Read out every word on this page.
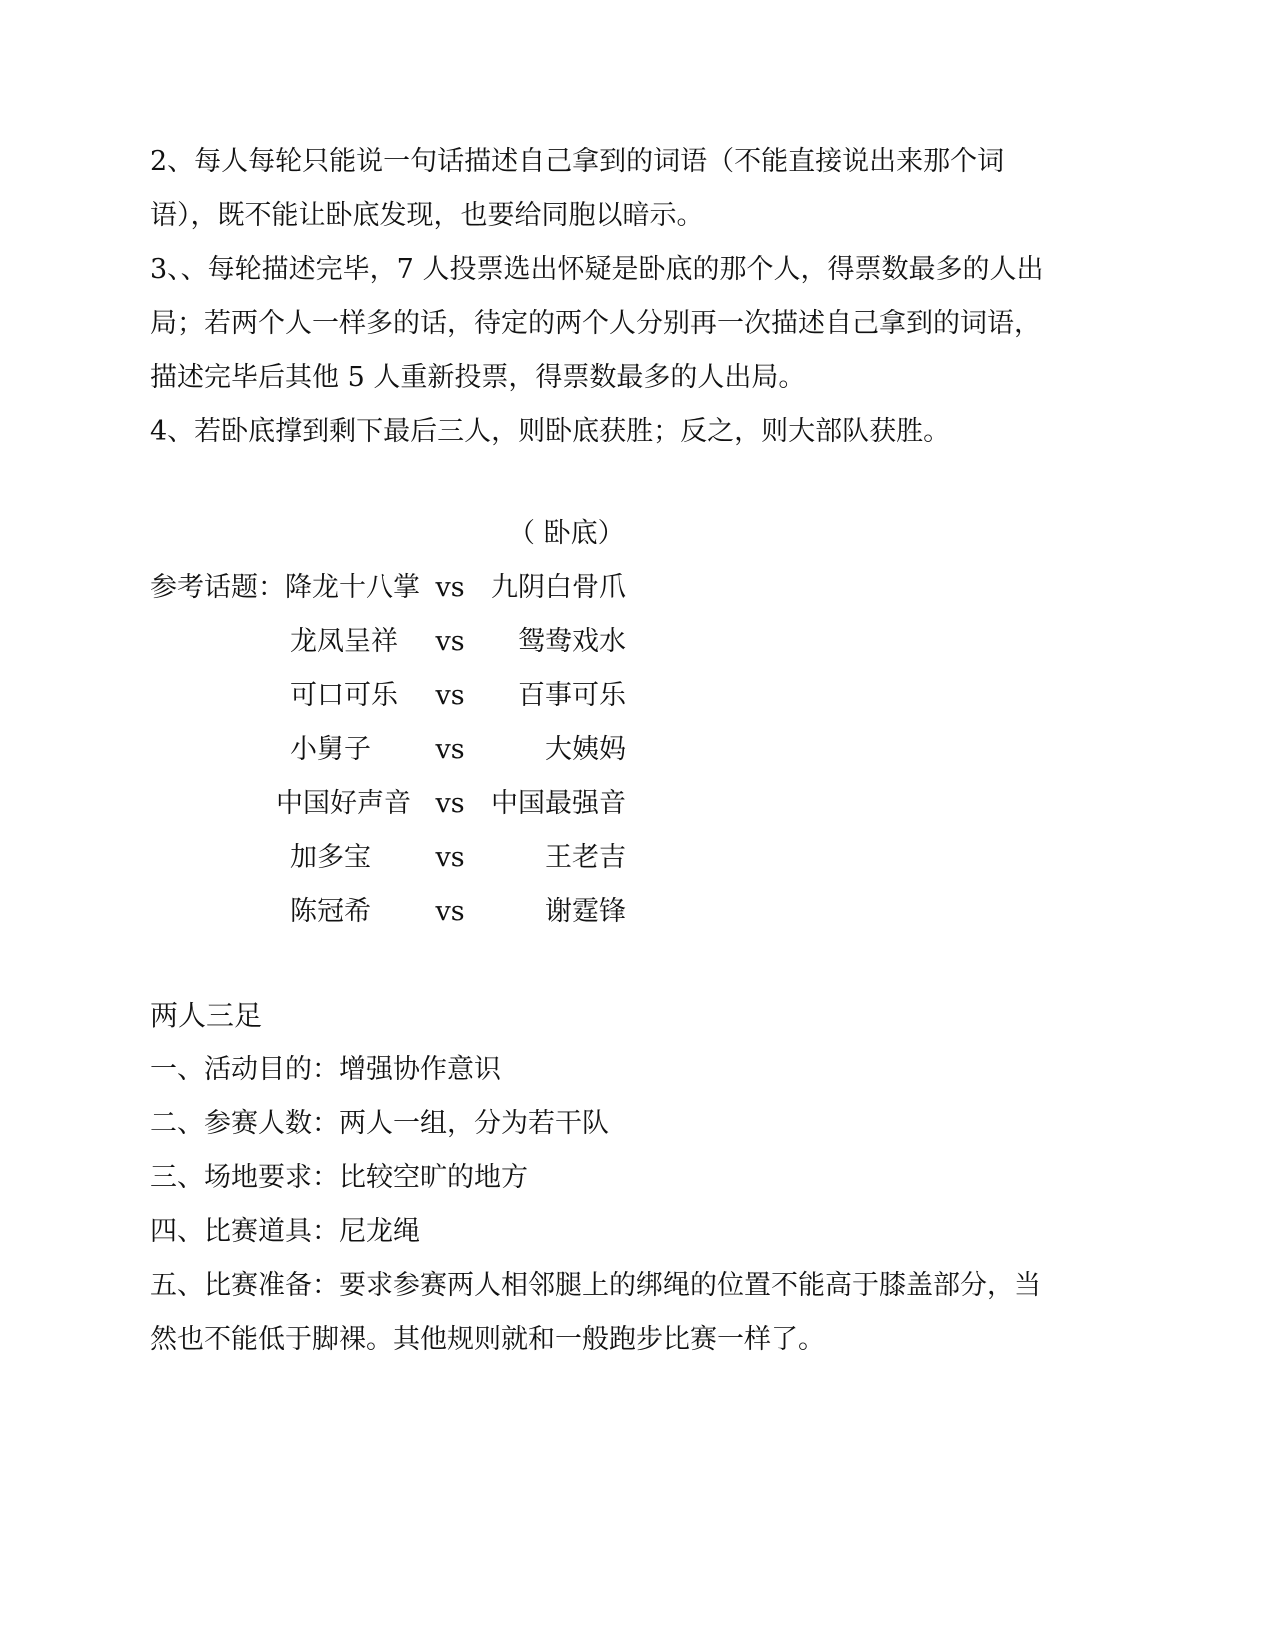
2、每人每轮只能说一句话描述自己拿到的词语（不能直接说出来那个词
语），既不能让卧底发现，也要给同胞以暗示。
3、、每轮描述完毕，7 人投票选出怀疑是卧底的那个人，得票数最多的人出
局；若两个人一样多的话，待定的两个人分别再一次描述自己拿到的词语，
描述完毕后其他 5 人重新投票，得票数最多的人出局。
4、若卧底撑到剩下最后三人，则卧底获胜；反之，则大部队获胜。
（ 卧底）
参考话题： 降龙十八掌 vs 九阴白骨爪
龙凤呈祥	vs	鸳鸯戏水
可口可乐	vs	百事可乐
小舅子	vs	大姨妈
中国好声音 vs 中国最强音
加多宝	vs	王老吉
陈冠希	vs	谢霆锋
两人三足
一、活动目的：增强协作意识
二、参赛人数：两人一组，分为若干队
三、场地要求：比较空旷的地方
四、比赛道具：尼龙绳
五、比赛准备：要求参赛两人相邻腿上的绑绳的位置不能高于膝盖部分，当
然也不能低于脚裸。其他规则就和一般跑步比赛一样了。
